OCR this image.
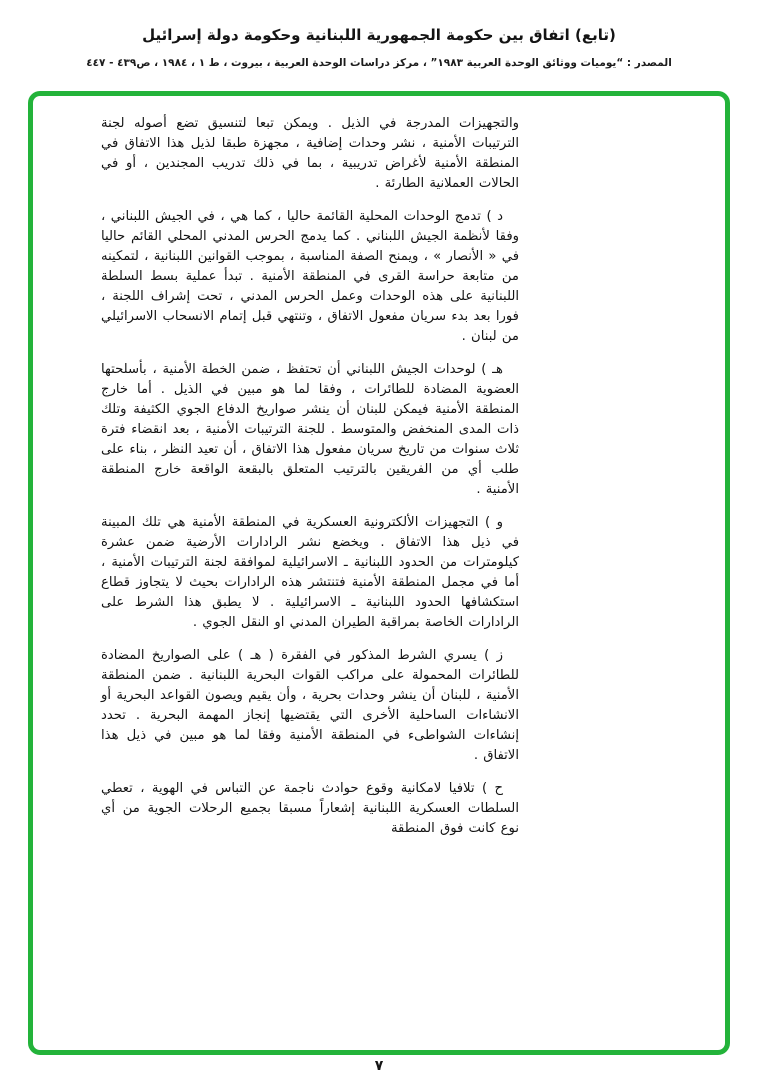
(تابع) اتفاق بين حكومة الجمهورية اللبنانية وحكومة دولة إسرائيل
المصدر : “يوميات ووثائق الوحدة العربية ١٩٨٣” ، مركز دراسات الوحدة العربية ، بيروت ، ط ١ ، ١٩٨٤ ، ص٤٣٩ - ٤٤٧

والتجهيزات المدرجة في الذيل . ويمكن تبعا لتنسيق تضع أصوله لجنة الترتيبات الأمنية ، نشر وحدات إضافية ، مجهزة طبقا لذيل هذا الاتفاق في المنطقة الأمنية لأغراض تدريبية ، بما في ذلك تدريب المجندين ، أو في الحالات العملانية الطارئة .

د ) تدمج الوحدات المحلية القائمة حاليا ، كما هي ، في الجيش اللبناني ، وفقا لأنظمة الجيش اللبناني . كما يدمج الحرس المدني المحلي القائم حاليا في « الأنصار » ، ويمنح الصفة المناسبة ، بموجب القوانين اللبنانية ، لتمكينه من متابعة حراسة القرى في المنطقة الأمنية . تبدأ عملية بسط السلطة اللبنانية على هذه الوحدات وعمل الحرس المدني ، تحت إشراف اللجنة ، فورا بعد بدء سريان مفعول الاتفاق ، وتنتهي قبل إتمام الانسحاب الاسرائيلي من لبنان .

هـ ) لوحدات الجيش اللبناني أن تحتفظ ، ضمن الخطة الأمنية ، بأسلحتها العضوية المضادة للطائرات ، وفقا لما هو مبين في الذيل . أما خارج المنطقة الأمنية فيمكن للبنان أن ينشر صواريخ الدفاع الجوي الكثيفة وتلك ذات المدى المنخفض والمتوسط . للجنة الترتيبات الأمنية ، بعد انقضاء فترة ثلاث سنوات من تاريخ سريان مفعول هذا الاتفاق ، أن تعيد النظر ، بناء على طلب أي من الفريقين بالترتيب المتعلق بالبقعة الواقعة خارج المنطقة الأمنية .

و ) التجهيزات الألكترونية العسكرية في المنطقة الأمنية هي تلك المبينة في ذيل هذا الاتفاق . ويخضع نشر الرادارات الأرضية ضمن عشرة كيلومترات من الحدود اللبنانية ـ الاسرائيلية لموافقة لجنة الترتيبات الأمنية ، أما في مجمل المنطقة الأمنية فتنتشر هذه الرادارات بحيث لا يتجاوز قطاع استكشافها الحدود اللبنانية ـ الاسرائيلية . لا يطبق هذا الشرط على الرادارات الخاصة بمراقبة الطيران المدني او النقل الجوي .

ز ) يسري الشرط المذكور في الفقرة ( هـ ) على الصواريخ المضادة للطائرات المحمولة على مراكب القوات البحرية اللبنانية . ضمن المنطقة الأمنية ، للبنان أن ينشر وحدات بحرية ، وأن يقيم ويصون القواعد البحرية أو الانشاءات الساحلية الأخرى التي يقتضيها إنجاز المهمة البحرية . تحدد إنشاءات الشواطىء في المنطقة الأمنية وفقا لما هو مبين في ذيل هذا الاتفاق .

ح ) تلافيا لامكانية وقوع حوادث ناجمة عن التباس في الهوية ، تعطي السلطات العسكرية اللبنانية إشعاراً مسبقا بجميع الرحلات الجوية من أي نوع كانت فوق المنطقة

٧
